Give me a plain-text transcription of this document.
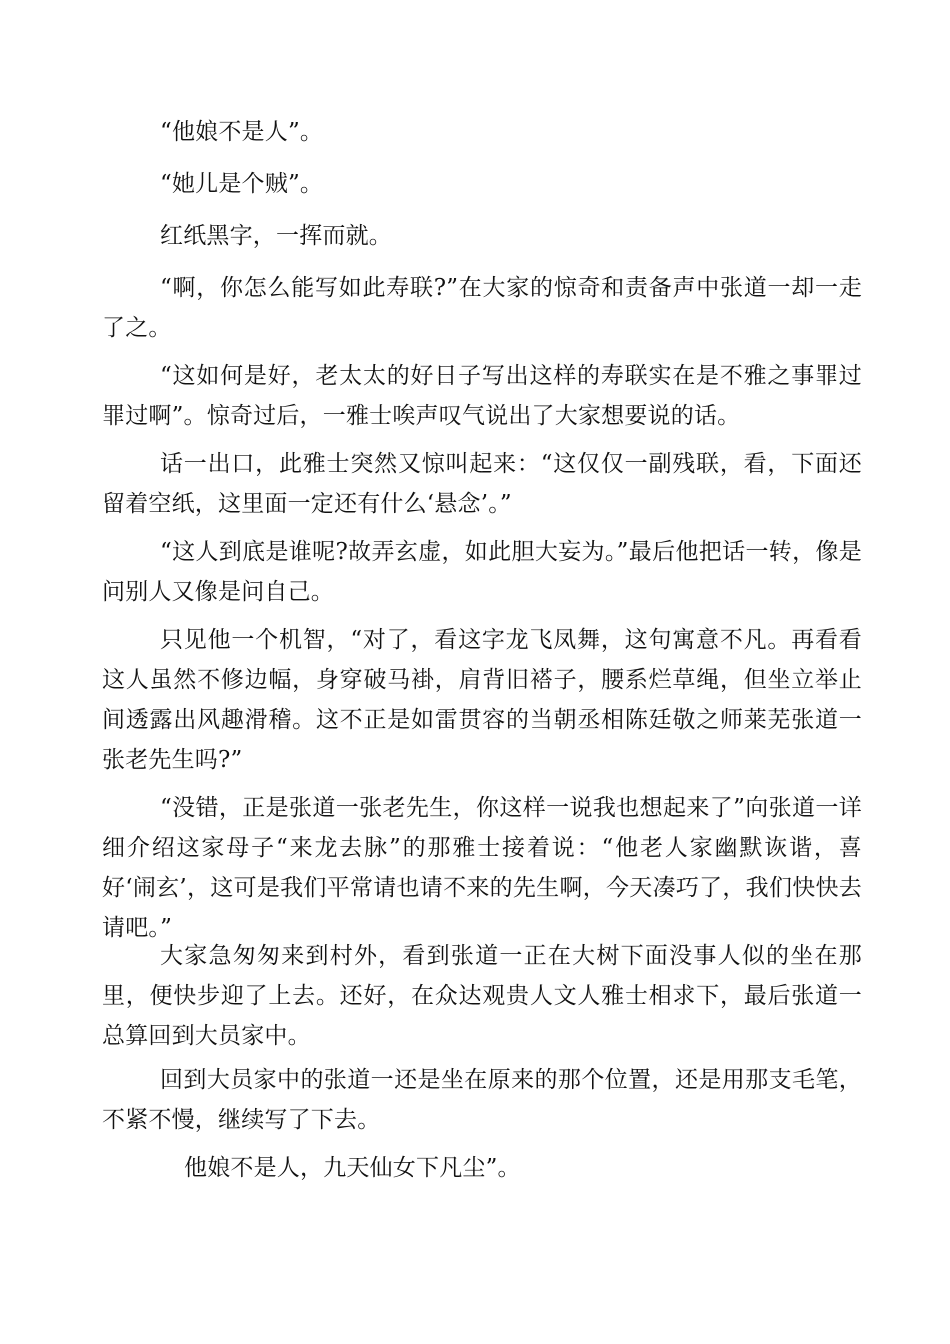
“他娘不是人”。

“她儿是个贼”。

红纸黑字，一挥而就。

“啊，你怎么能写如此寿联?”在大家的惊奇和责备声中张道一却一走了之。

“这如何是好，老太太的好日子写出这样的寿联实在是不雅之事罪过罪过啊”。惊奇过后，一雅士唉声叹气说出了大家想要说的话。

话一出口，此雅士突然又惊叫起来：“这仅仅一副残联，看，下面还留着空纸，这里面一定还有什么‘悬念’。”

“这人到底是谁呢?故弄玄虚，如此胆大妄为。”最后他把话一转，像是问别人又像是问自己。

只见他一个机智，“对了，看这字龙飞凤舞，这句寓意不凡。再看看这人虽然不修边幅，身穿破马褂，肩背旧褡子，腰系烂草绳，但坐立举止间透露出风趣滑稽。这不正是如雷贯容的当朝丞相陈廷敬之师莱芜张道一张老先生吗?”

“没错，正是张道一张老先生，你这样一说我也想起来了”向张道一详细介绍这家母子“来龙去脉”的那雅士接着说：“他老人家幽默诙谐，喜好‘闹玄’，这可是我们平常请也请不来的先生啊，今天凑巧了，我们快快去请吧。”

大家急匆匆来到村外，看到张道一正在大树下面没事人似的坐在那里，便快步迎了上去。还好，在众达观贵人文人雅士相求下，最后张道一总算回到大员家中。

回到大员家中的张道一还是坐在原来的那个位置，还是用那支毛笔，不紧不慢，继续写了下去。

他娘不是人，九天仙女下凡尘”。
